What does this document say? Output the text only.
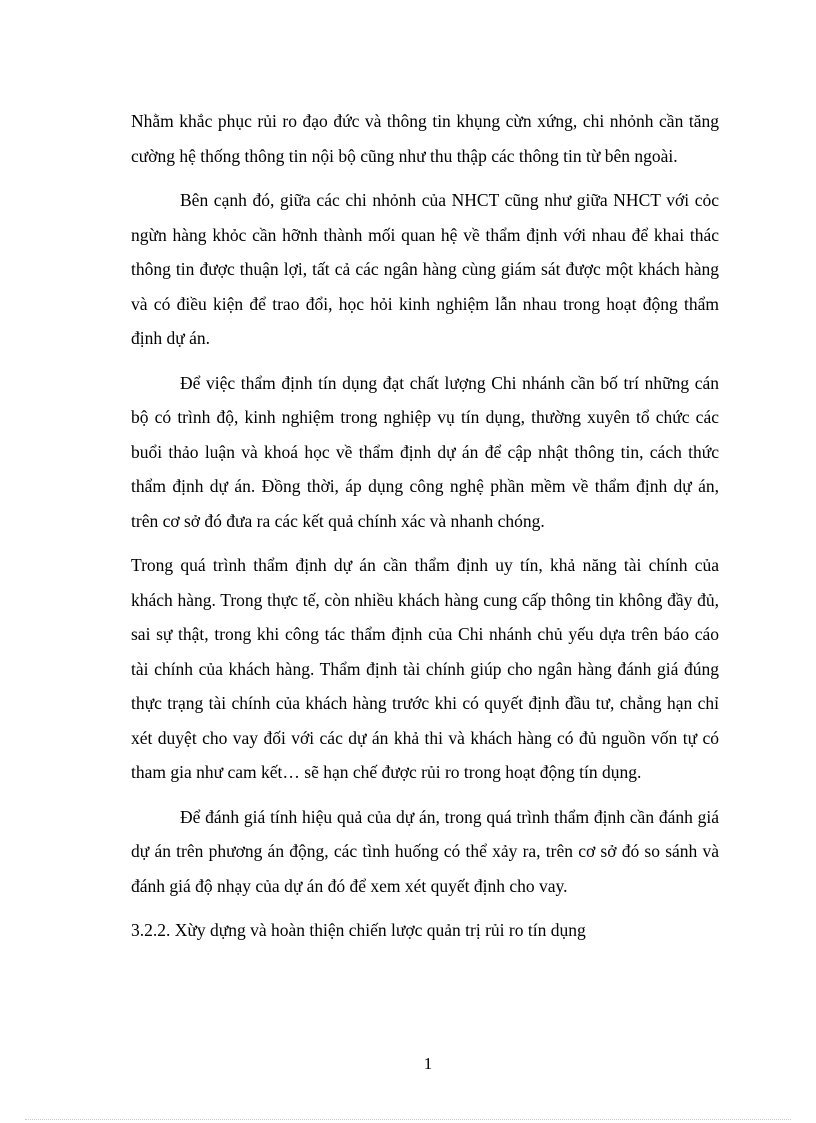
Nhằm khắc phục rủi ro đạo đức và thông tin khụng cừn xứng, chi nhỏnh cần tăng cường hệ thống thông tin nội bộ cũng như thu thập các thông tin từ bên ngoài.

Bên cạnh đó, giữa các chi nhỏnh của NHCT cũng như giữa NHCT với cỏc ngừn hàng khỏc cần hỡnh thành mối quan hệ về thẩm định với nhau để khai thác thông tin được thuận lợi, tất cả các ngân hàng cùng giám sát được một khách hàng và có điều kiện để trao đổi, học hỏi kinh nghiệm lẫn nhau trong hoạt động thẩm định dự án.

Để việc thẩm định tín dụng đạt chất lượng Chi nhánh cần bố trí những cán bộ có trình độ, kinh nghiệm trong nghiệp vụ tín dụng, thường xuyên tổ chức các buổi thảo luận và khoá học về thẩm định dự án để cập nhật thông tin, cách thức thẩm định dự án. Đồng thời, áp dụng công nghệ phần mềm về thẩm định dự án, trên cơ sở đó đưa ra các kết quả chính xác và nhanh chóng.

Trong quá trình thẩm định dự án cần thẩm định uy tín, khả năng tài chính của khách hàng. Trong thực tế, còn nhiều khách hàng cung cấp thông tin không đầy đủ, sai sự thật, trong khi công tác thẩm định của Chi nhánh chủ yếu dựa trên báo cáo tài chính của khách hàng. Thẩm định tài chính giúp cho ngân hàng đánh giá đúng thực trạng tài chính của khách hàng trước khi có quyết định đầu tư, chẳng hạn chỉ xét duyệt cho vay đối với các dự án khả thi và khách hàng có đủ nguồn vốn tự có tham gia như cam kết… sẽ hạn chế được rủi ro trong hoạt động tín dụng.

Để đánh giá tính hiệu quả của dự án, trong quá trình thẩm định cần đánh giá dự án trên phương án động, các tình huống có thể xảy ra, trên cơ sở đó so sánh và đánh giá độ nhạy của dự án đó để xem xét quyết định cho vay.

3.2.2. Xừy dựng và hoàn thiện chiến lược quản trị rủi ro tín dụng

1
